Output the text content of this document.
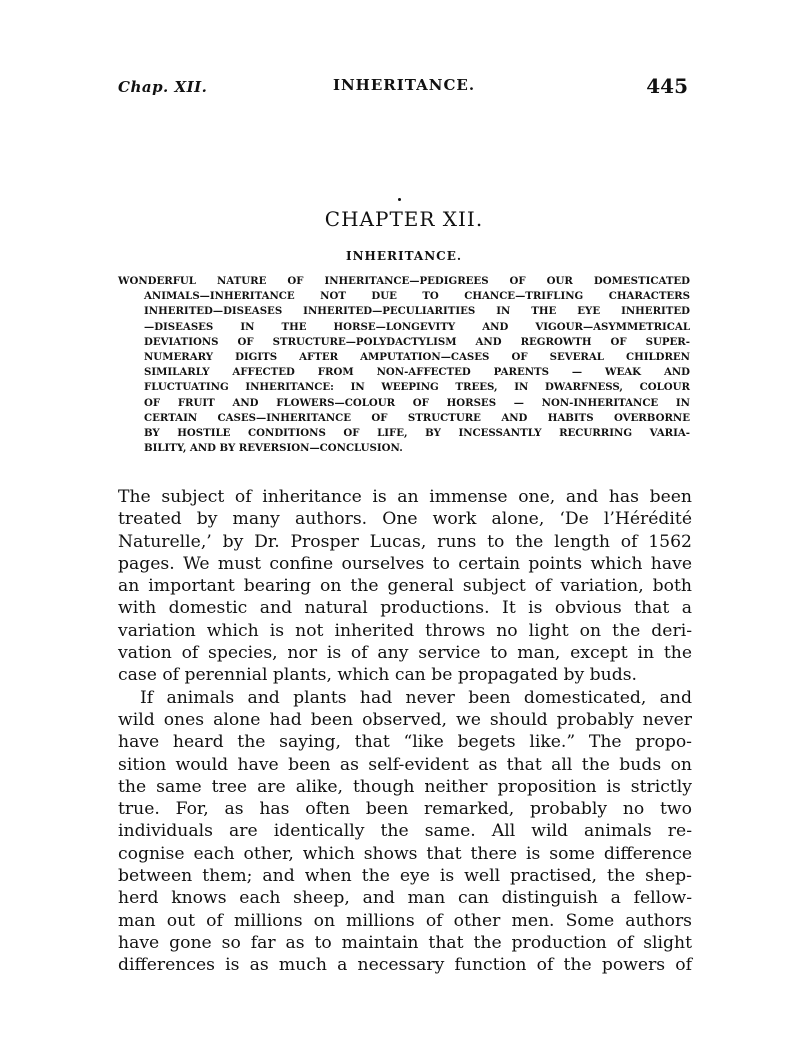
Chap. XII.	INHERITANCE.	445
CHAPTER XII.
INHERITANCE.
WONDERFUL NATURE OF INHERITANCE—PEDIGREES OF OUR DOMESTICATED
ANIMALS—INHERITANCE NOT DUE TO CHANCE—TRIFLING CHARACTERS
INHERITED—DISEASES INHERITED—PECULIARITIES IN THE EYE INHERITED
—DISEASES IN THE HORSE—LONGEVITY AND VIGOUR—ASYMMETRICAL
DEVIATIONS OF STRUCTURE—POLYDACTYLISM AND REGROWTH OF SUPER-
NUMERARY DIGITS AFTER AMPUTATION—CASES OF SEVERAL CHILDREN
SIMILARLY AFFECTED FROM NON-AFFECTED PARENTS — WEAK AND
FLUCTUATING INHERITANCE: IN WEEPING TREES, IN DWARFNESS, COLOUR
OF FRUIT AND FLOWERS—COLOUR OF HORSES — NON-INHERITANCE IN
CERTAIN CASES—INHERITANCE OF STRUCTURE AND HABITS OVERBORNE
BY HOSTILE CONDITIONS OF LIFE, BY INCESSANTLY RECURRING VARIA-
BILITY, AND BY REVERSION—CONCLUSION.
The subject of inheritance is an immense one, and has been
treated by many authors. One work alone, ‘De l’Hérédité
Naturelle,’ by Dr. Prosper Lucas, runs to the length of 1562
pages. We must confine ourselves to certain points which have
an important bearing on the general subject of variation, both
with domestic and natural productions. It is obvious that a
variation which is not inherited throws no light on the deri-
vation of species, nor is of any service to man, except in the
case of perennial plants, which can be propagated by buds.
If animals and plants had never been domesticated, and
wild ones alone had been observed, we should probably never
have heard the saying, that “like begets like.” The propo-
sition would have been as self-evident as that all the buds on
the same tree are alike, though neither proposition is strictly
true. For, as has often been remarked, probably no two
individuals are identically the same. All wild animals re-
cognise each other, which shows that there is some difference
between them; and when the eye is well practised, the shep-
herd knows each sheep, and man can distinguish a fellow-
man out of millions on millions of other men. Some authors
have gone so far as to maintain that the production of slight
differences is as much a necessary function of the powers of
